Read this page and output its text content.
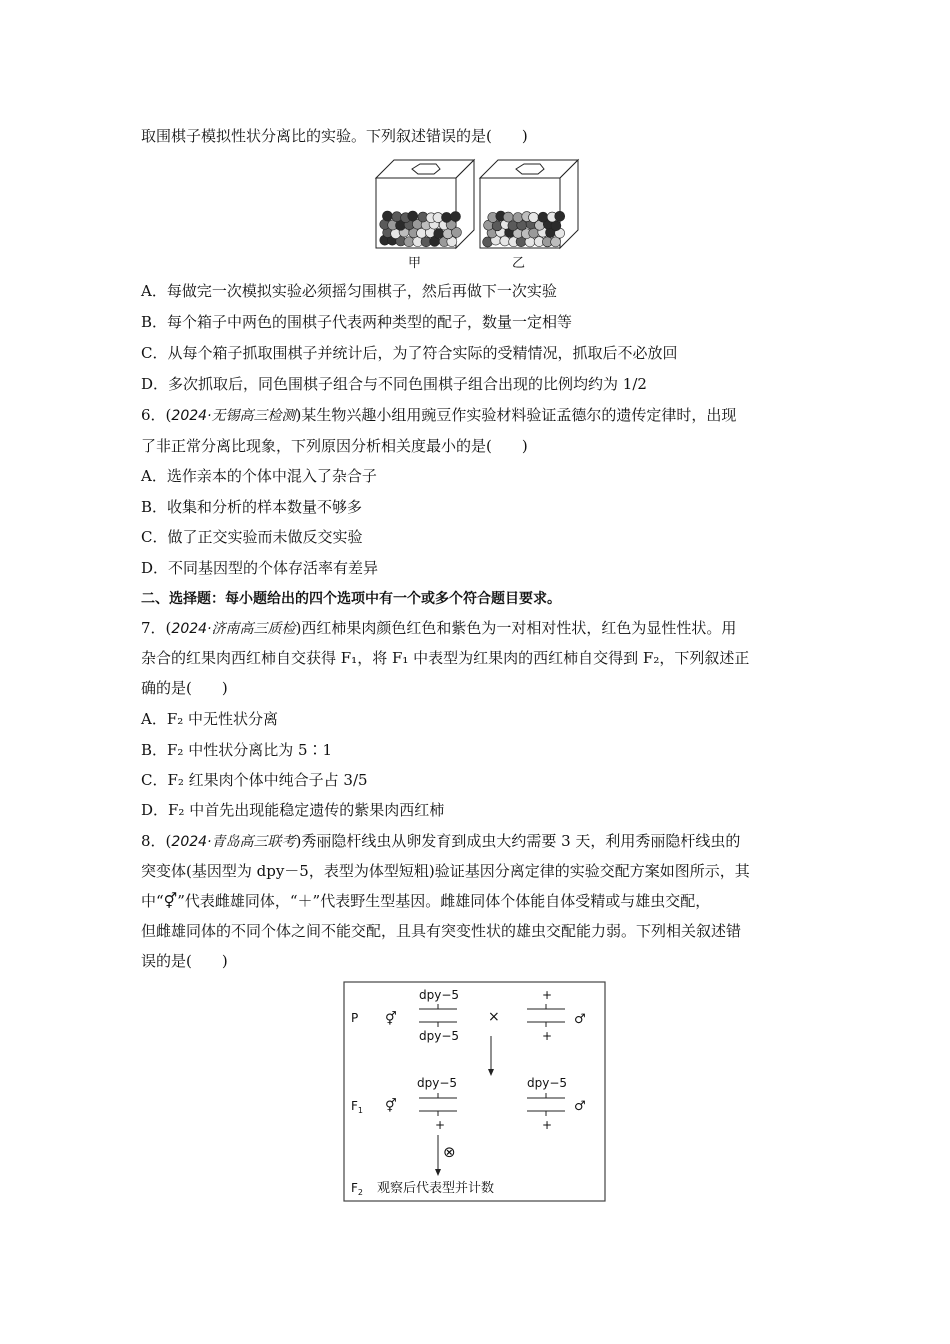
取围棋子模拟性状分离比的实验。下列叙述错误的是(　　)
甲	乙
A．每做完一次模拟实验必须摇匀围棋子，然后再做下一次实验
B．每个箱子中两色的围棋子代表两种类型的配子，数量一定相等
C．从每个箱子抓取围棋子并统计后，为了符合实际的受精情况，抓取后不必放回
D．多次抓取后，同色围棋子组合与不同色围棋子组合出现的比例均约为 1/2
6．(2024·无锡高三检测)某生物兴趣小组用豌豆作实验材料验证孟德尔的遗传定律时，出现
了非正常分离比现象，下列原因分析相关度最小的是(　　)
A．选作亲本的个体中混入了杂合子
B．收集和分析的样本数量不够多
C．做了正交实验而未做反交实验
D．不同基因型的个体存活率有差异
二、选择题：每小题给出的四个选项中有一个或多个符合题目要求。
7．(2024·济南高三质检)西红柿果肉颜色红色和紫色为一对相对性状，红色为显性性状。用
杂合的红果肉西红柿自交获得 F₁，将 F₁ 中表型为红果肉的西红柿自交得到 F₂，下列叙述正
确的是(　　)
A．F₂ 中无性状分离
B．F₂ 中性状分离比为 5∶1
C．F₂ 红果肉个体中纯合子占 3/5
D．F₂ 中首先出现能稳定遗传的紫果肉西红柿
8．(2024·青岛高三联考)秀丽隐杆线虫从卵发育到成虫大约需要 3 天，利用秀丽隐杆线虫的
突变体(基因型为 dpy－5，表型为体型短粗)验证基因分离定律的实验交配方案如图所示，其
中“⚥”代表雌雄同体，“＋”代表野生型基因。雌雄同体个体能自体受精或与雄虫交配，
但雌雄同体的不同个体之间不能交配，且具有突变性状的雄虫交配能力弱。下列相关叙述错
误的是(　　)
P ⚥
dpy−5
dpy−5
×
+
+
♂
$F_1$ ⚥
dpy−5
+
dpy−5
+
♂
⊗
$F_2$ 观察后代表型并计数
